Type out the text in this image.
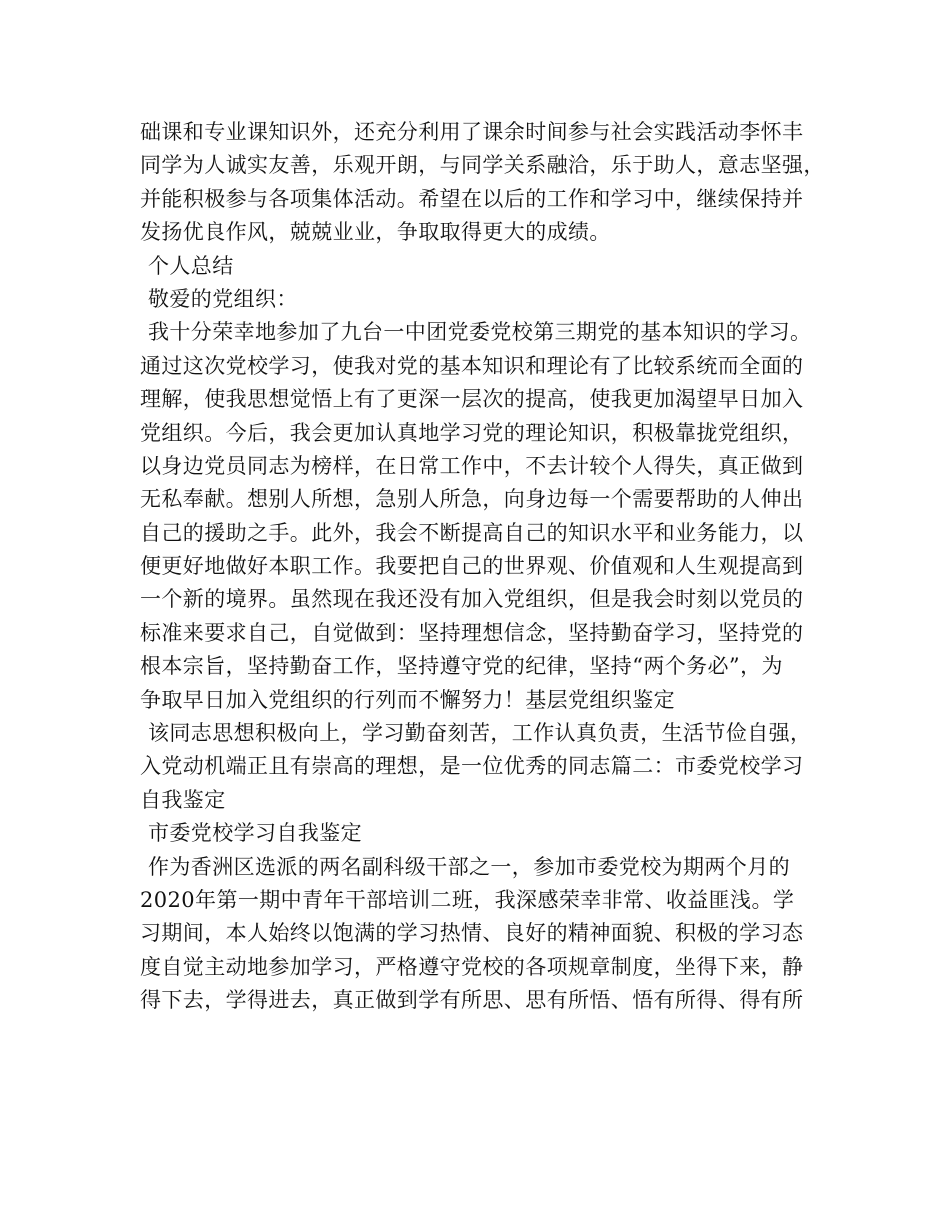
础课和专业课知识外，还充分利用了课余时间参与社会实践活动李怀丰
同学为人诚实友善，乐观开朗，与同学关系融洽，乐于助人，意志坚强，
并能积极参与各项集体活动。希望在以后的工作和学习中，继续保持并
发扬优良作风，兢兢业业，争取取得更大的成绩。
个人总结
敬爱的党组织：
我十分荣幸地参加了九台一中团党委党校第三期党的基本知识的学习。
通过这次党校学习，使我对党的基本知识和理论有了比较系统而全面的
理解，使我思想觉悟上有了更深一层次的提高，使我更加渴望早日加入
党组织。今后，我会更加认真地学习党的理论知识，积极靠拢党组织，
以身边党员同志为榜样，在日常工作中，不去计较个人得失，真正做到
无私奉献。想别人所想，急别人所急，向身边每一个需要帮助的人伸出
自己的援助之手。此外，我会不断提高自己的知识水平和业务能力，以
便更好地做好本职工作。我要把自己的世界观、价值观和人生观提高到
一个新的境界。虽然现在我还没有加入党组织，但是我会时刻以党员的
标准来要求自己，自觉做到：坚持理想信念，坚持勤奋学习，坚持党的
根本宗旨，坚持勤奋工作，坚持遵守党的纪律，坚持“两个务必”，为
争取早日加入党组织的行列而不懈努力！基层党组织鉴定
该同志思想积极向上，学习勤奋刻苦，工作认真负责，生活节俭自强，
入党动机端正且有崇高的理想，是一位优秀的同志篇二：市委党校学习
自我鉴定
市委党校学习自我鉴定
作为香洲区选派的两名副科级干部之一，参加市委党校为期两个月的
2020年第一期中青年干部培训二班，我深感荣幸非常、收益匪浅。学
习期间，本人始终以饱满的学习热情、良好的精神面貌、积极的学习态
度自觉主动地参加学习，严格遵守党校的各项规章制度，坐得下来，静
得下去，学得进去，真正做到学有所思、思有所悟、悟有所得、得有所
